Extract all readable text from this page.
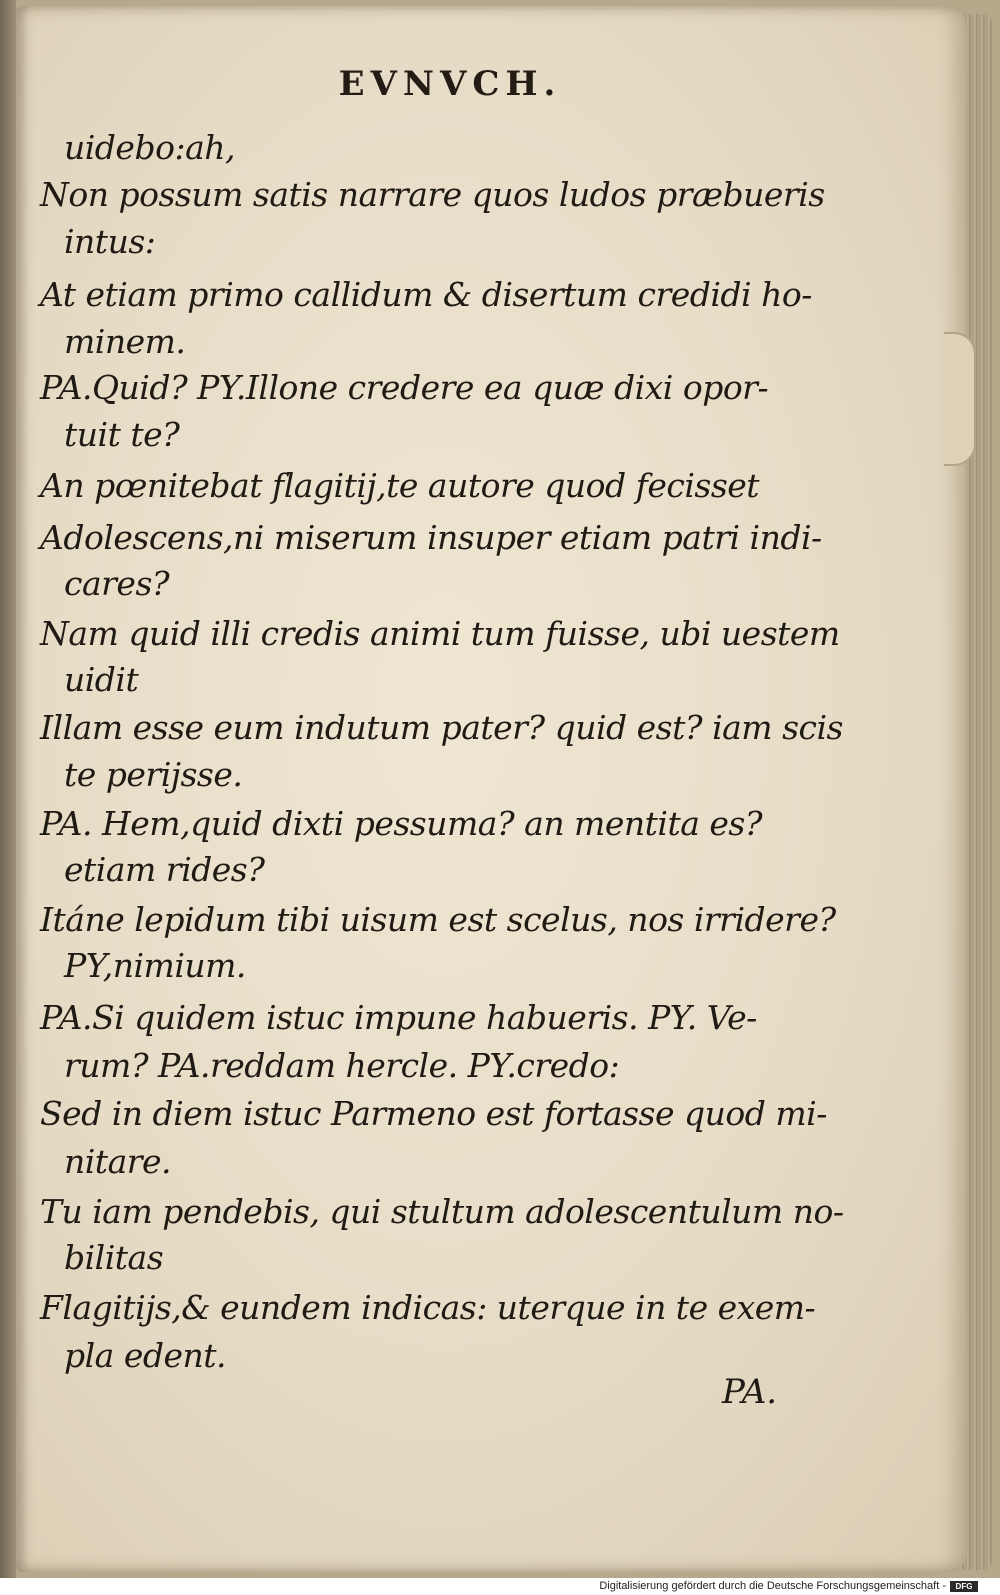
EVNVCH.
uidebo:ah,
Non possum satis narrare quos ludos præbueris
intus:
At etiam primo callidum & disertum credidi ho-
minem.
PA.Quid? PY.Illone credere ea quæ dixi opor-
tuit te?
An pœnitebat flagitij,te autore quod fecisset
Adolescens,ni miserum insuper etiam patri indi-
cares?
Nam quid illi credis animi tum fuisse, ubi uestem
uidit
Illam esse eum indutum pater? quid est? iam scis
te perijsse.
PA. Hem,quid dixti pessuma? an mentita es?
etiam rides?
Itáne lepidum tibi uisum est scelus, nos irridere?
PY,nimium.
PA.Si quidem istuc impune habueris. PY. Ve-
rum? PA.reddam hercle. PY.credo:
Sed in diem istuc Parmeno est fortasse quod mi-
nitare.
Tu iam pendebis, qui stultum adolescentulum no-
bilitas
Flagitijs,& eundem indicas: uterque in te exem-
pla edent.
PA.
Digitalisierung gefördert durch die Deutsche Forschungsgemeinschaft -	DFG
